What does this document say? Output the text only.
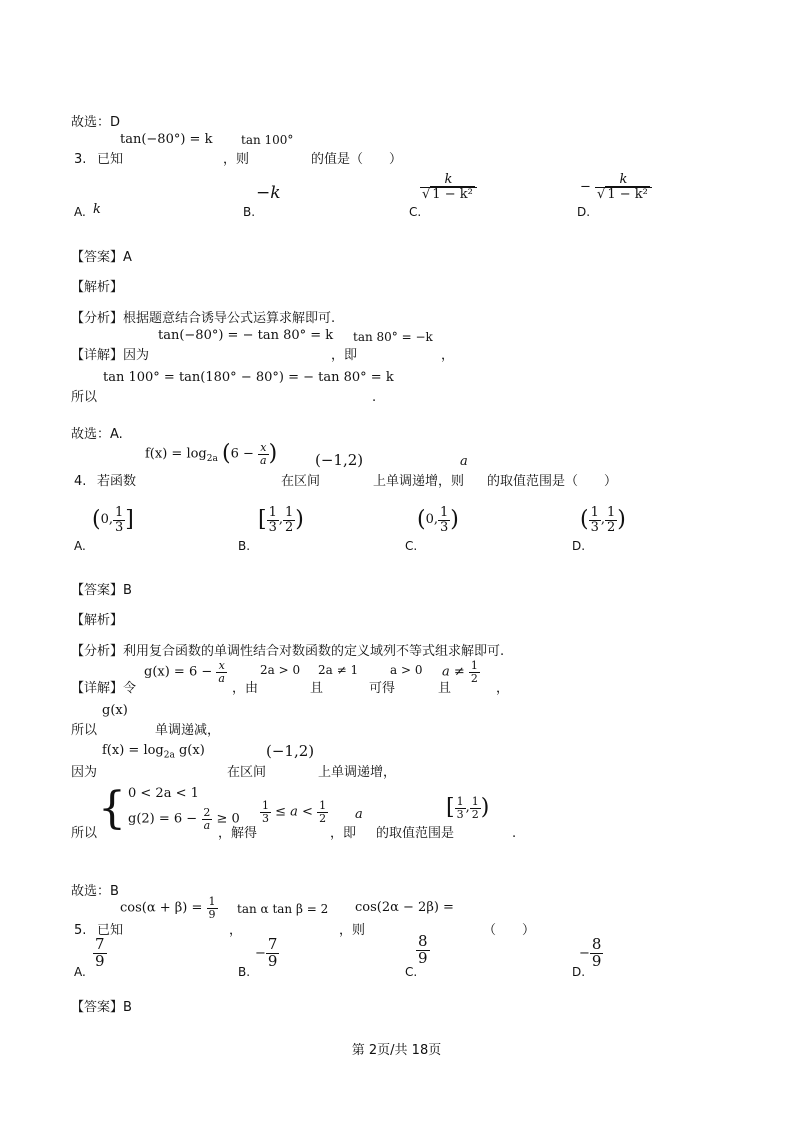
故选：D
tan(−80°) = k tan 100°
3. 已知	，则	的值是（　　）
A. k
−k
B.	C.
$\frac{k}{\text{√ 1 − k²}}$
D.
− $\frac{k}{\text{√ 1 − k²}}$
【答案】A
【解析】
【分析】根据题意结合诱导公式运算求解即可.
tan(−80°) = − tan 80° = k tan 80° = −k
【详解】因为	，即	，
tan 100° = tan(180° − 80°) = − tan 80° = k
所以	.
故选：A.
$f(x) = \log_{2a} (6 - \frac{x}{a}$ )	(−1,2)	a
4. 若函数	在区间	上单调递增，则 的取值范围是（　　）
A.
( 0, $\frac{1}{3}$ ]
B.
[ $\frac{1}{3}$ , $\frac{1}{2}$ )
C.
( 0, $\frac{1}{3}$ )
D.
( $\frac{1}{3}$ , $\frac{1}{2}$ )
【答案】B
【解析】
【分析】利用复合函数的单调性结合对数函数的定义域列不等式组求解即可.
$g(x) = 6 - \frac{x}{a}$	2a > 0 2a ≠ 1	a > 0 $a \ne \frac{1}{2}$
【详解】令	，由	且	可得	且	，
g(x)
所以	单调递减，
$f(x) = \log_{2a} g(x)$	(−1,2)
因为	在区间	上单调递增，
所以 { 0 < 2a < 1
$g(2) = 6 - \frac{2}{a} \ge 0$
，解得
$\frac{1}{3} \le a < \frac{1}{2}$ a
，即 的取值范围是
[ $\frac{1}{3}$ , $\frac{1}{2}$ )
.
故选：B
$\cos(\alpha + \beta) = \frac{1}{9}$ tan α tan β = 2 cos(2α − 2β) =
5. 已知	，	，则	（　　）
A.
$\frac{7}{9}$
B.
− $\frac{7}{9}$
C.
$\frac{8}{9}$
D.
− $\frac{8}{9}$
【答案】B
第 2页/共 18页
